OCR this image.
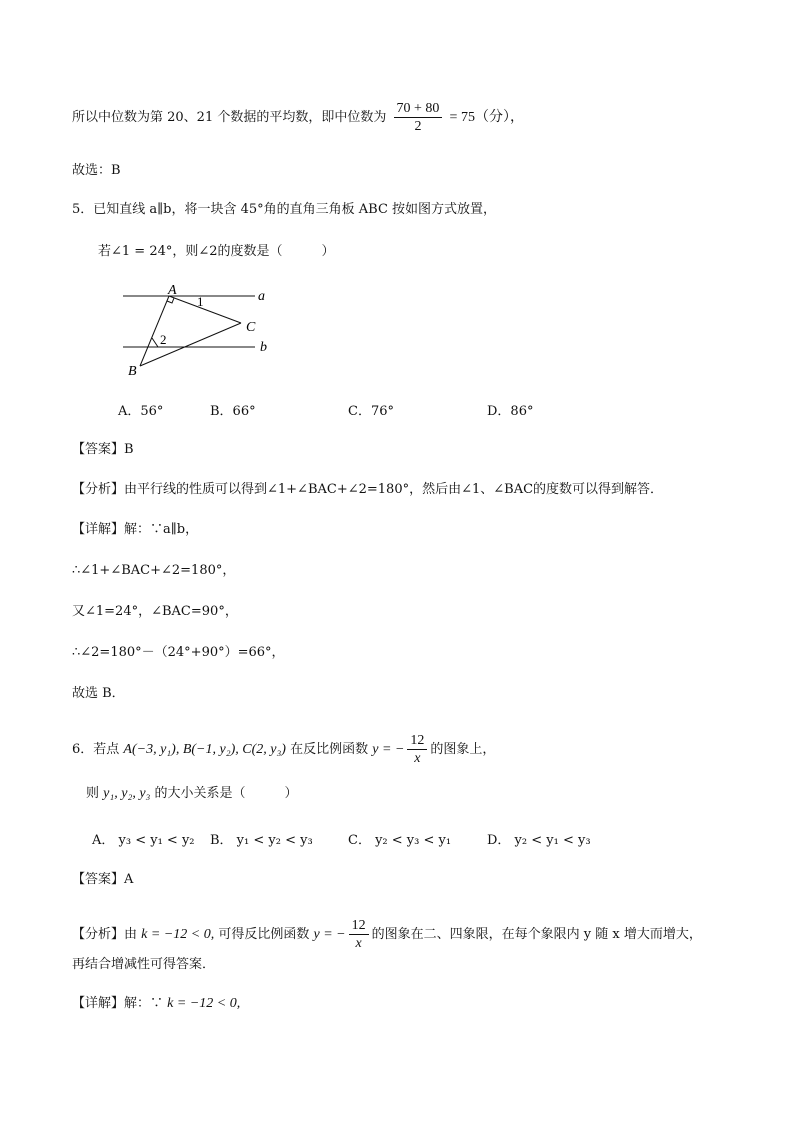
所以中位数为第 20、21 个数据的平均数，即中位数为 $\frac{70 + 80}{2} = 75$（分），
故选：B
5．已知直线 a∥b，将一块含 45°角的直角三角板 ABC 按如图方式放置，
若∠1 = 24°，则∠2的度数是（　　　）
A
1	a
C
2
b
B
A．56°	B．66°	C．76°	D．86°
【答案】B
【分析】由平行线的性质可以得到∠1+∠BAC+∠2=180°，然后由∠1、∠BAC的度数可以得到解答．
【详解】解：∵a∥b，
∴∠1+∠BAC+∠2=180°，
又∠1=24°，∠BAC=90°，
∴∠2=180°－（24°+90°）=66°，
故选 B．
6．若点 A(−3, y₁), B(−1, y₂), C(2, y₃) 在反比例函数 y = − $\frac{12}{x}$ 的图象上，
则 y₁, y₂, y₃ 的大小关系是（　　　）
A． y₃ < y₁ < y₂ B． y₁ < y₂ < y₃	C． y₂ < y₃ < y₁	D． y₂ < y₁ < y₃
【答案】A
【分析】由 k = −12 < 0, 可得反比例函数 y = − $\frac{12}{x}$ 的图象在二、四象限，在每个象限内 y 随 x 增大而增大，
再结合增减性可得答案．
【详解】解：∵ k = −12 < 0,
